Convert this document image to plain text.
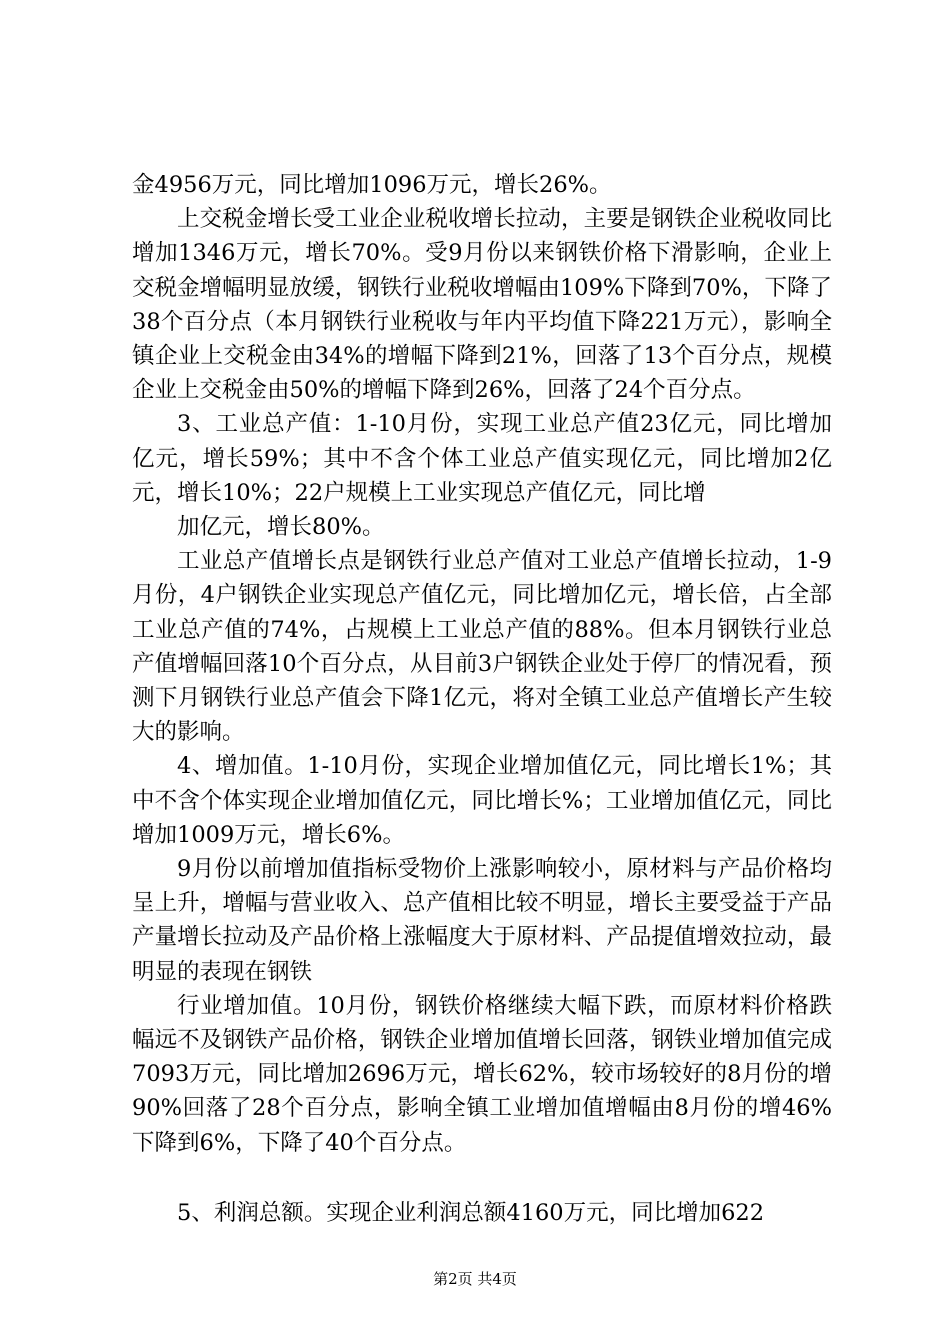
金4956万元，同比增加1096万元，增长26%。

上交税金增长受工业企业税收增长拉动，主要是钢铁企业税收同比增加1346万元，增长70%。受9月份以来钢铁价格下滑影响，企业上交税金增幅明显放缓，钢铁行业税收增幅由109%下降到70%，下降了38个百分点（本月钢铁行业税收与年内平均值下降221万元），影响全镇企业上交税金由34%的增幅下降到21%，回落了13个百分点，规模企业上交税金由50%的增幅下降到26%，回落了24个百分点。

3、工业总产值：1-10月份，实现工业总产值23亿元，同比增加亿元，增长59%；其中不含个体工业总产值实现亿元，同比增加2亿元，增长10%；22户规模上工业实现总产值亿元，同比增

加亿元，增长80%。

工业总产值增长点是钢铁行业总产值对工业总产值增长拉动，1-9月份，4户钢铁企业实现总产值亿元，同比增加亿元，增长倍，占全部工业总产值的74%，占规模上工业总产值的88%。但本月钢铁行业总产值增幅回落10个百分点，从目前3户钢铁企业处于停厂的情况看，预测下月钢铁行业总产值会下降1亿元，将对全镇工业总产值增长产生较大的影响。

4、增加值。1-10月份，实现企业增加值亿元，同比增长1%；其中不含个体实现企业增加值亿元，同比增长%；工业增加值亿元，同比增加1009万元，增长6%。

9月份以前增加值指标受物价上涨影响较小，原材料与产品价格均呈上升，增幅与营业收入、总产值相比较不明显，增长主要受益于产品产量增长拉动及产品价格上涨幅度大于原材料、产品提值增效拉动，最明显的表现在钢铁

行业增加值。10月份，钢铁价格继续大幅下跌，而原材料价格跌幅远不及钢铁产品价格，钢铁企业增加值增长回落，钢铁业增加值完成7093万元，同比增加2696万元，增长62%，较市场较好的8月份的增90%回落了28个百分点，影响全镇工业增加值增幅由8月份的增46%下降到6%，下降了40个百分点。

5、利润总额。实现企业利润总额4160万元，同比增加622

第2页 共4页
